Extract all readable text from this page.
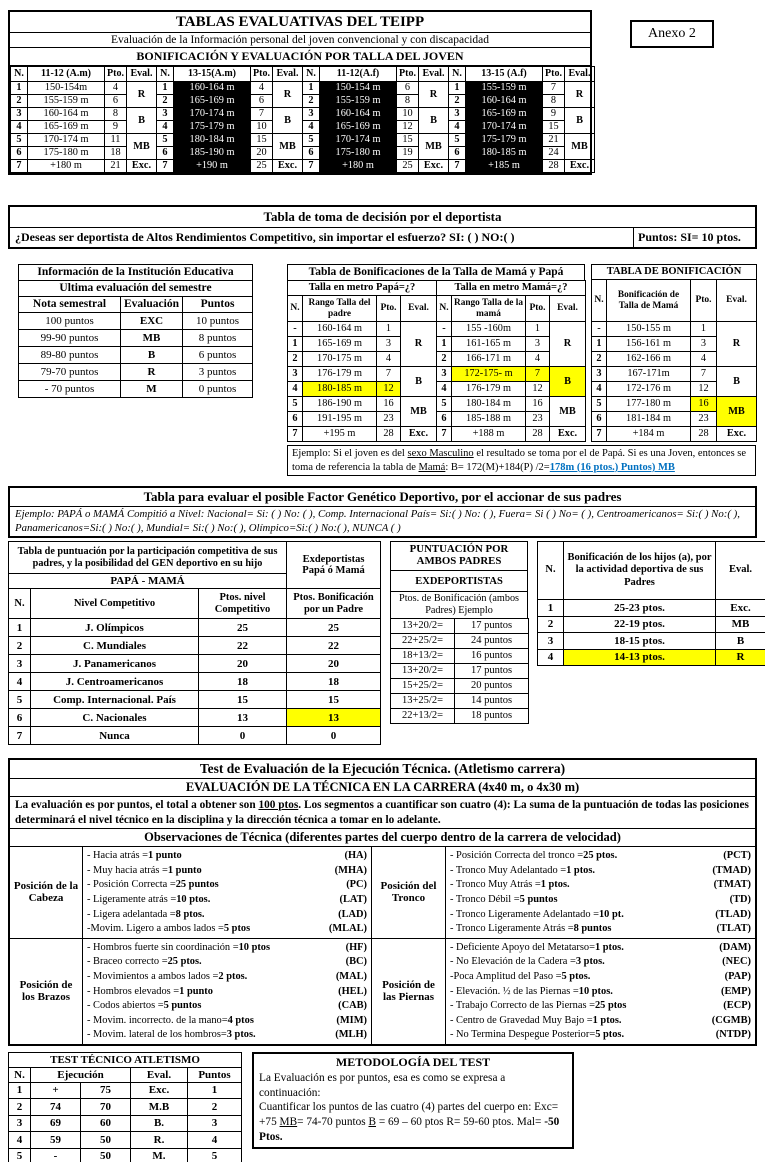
TABLAS EVALUATIVAS DEL TEIPP
Evaluación de la Información personal del joven convencional y con discapacidad
BONIFICACIÓN Y EVALUACIÓN POR TALLA DEL JOVEN
N.	11-12 (A.m)	Pto.	Eval.
1	150-154m	4	R
2	155-159 m	6	
3	160-164 m	8	B
4	165-169 m	9	
5	170-174 m	11	MB
6	175-180 m	18	
7	+180 m	21	Exc.
N.	13-15(A.m)	Pto.	Eval.
1	160-164 m	4	R
2	165-169 m	6	
3	170-174 m	7	B
4	175-179 m	10	
5	180-184 m	15	MB
6	185-190 m	20	
7	+190 m	25	Exc.
N.	11-12(A.f)	Pto.	Eval.
1	150-154 m	6	R
2	155-159 m	8	
3	160-164 m	10	B
4	165-169 m	12	
5	170-174 m	15	MB
6	175-180 m	19	
7	+180 m	25	Exc.
N.	13-15 (A.f)	Pto.	Eval.
1	155-159 m	7	R
2	160-164 m	8	
3	165-169 m	9	B
4	170-174 m	15	
5	175-179 m	21	MB
6	180-185 m	24	
7	+185 m	28	Exc.
Anexo 2
Tabla de toma de decisión por el deportista
¿Deseas ser deportista de Altos Rendimientos Competitivo, sin importar el esfuerzo? SI: ( ) NO:( )	Puntos: SI= 10 ptos.
Información de la Institución Educativa		
Ultima evaluación del semestre		
Nota semestral	Evaluación	Puntos
100 puntos	EXC	10 puntos
99-90 puntos	MB	8 puntos
89-80 puntos	B	6 puntos
79-70 puntos	R	3 puntos
- 70 puntos	M	0 puntos
Tabla de Bonificaciones de la Talla de Mamá y Papá
Talla en metro Papá=¿?			
N.	Rango Talla del padre	Pto.	Eval.
-	160-164 m	1	R
1	165-169 m	3	
2	170-175 m	4	
3	176-179 m	7	B
4	180-185 m	12	
5	186-190 m	16	MB
6	191-195 m	23	
7	+195 m	28	Exc.
Talla en metro Mamá=¿?			
N.	Rango Talla de la mamá	Pto.	Eval.
-	155 -160m	1	R
1	161-165 m	3	
2	166-171 m	4	
3	172-175- m	7	B
4	176-179 m	12	
5	180-184 m	16	MB
6	185-188 m	23	
7	+188 m	28	Exc.
TABLA DE BONIFICACIÓN			
N.	Bonificación de Talla de Mamá	Pto.	Eval.
-	150-155 m	1	R
1	156-161 m	3	
2	162-166 m	4	
3	167-171m	7	B
4	172-176 m	12	
5	177-180 m	16	MB
6	181-184 m	23	
7	+184 m	28	Exc.
Ejemplo: Si el joven es del sexo Masculino el resultado se toma por el de Papá. Si es una Joven, entonces se toma de referencia la tabla de Mamá: B= 172(M)+184(P) /2=178m (16 ptos.) Puntos) MB
Tabla para evaluar el posible Factor Genético Deportivo, por el accionar de sus padres
Ejemplo: PAPÁ o MAMÁ Compitió a Nivel: Nacional= Si: ( ) No: ( ), Comp. Internacional País= Si:( ) No: ( ), Fuera= Si ( ) No= ( ), Centroamericanos= Si:( ) No:( ), Panamericanos=Si:( ) No:( ), Mundial= Si:( ) No:( ), Olímpico=Si:( ) No:( ), NUNCA ( )
Tabla de puntuación por la participación competitiva de sus padres, y la posibilidad del GEN deportivo en su hijo			Exdeportistas
Papá ó Mamá

PAPÁ - MAMÁ			
N.	Nivel Competitivo	Ptos. nivel Competitivo	Ptos. Bonificación por un Padre
1	J. Olímpicos	25	25
2	C. Mundiales	22	22
3	J. Panamericanos	20	20
4	J. Centroamericanos	18	18
5	Comp. Internacional. País	15	15
6	C. Nacionales	13	13
7	Nunca	0	0
PUNTUACIÓN POR AMBOS PADRES
EXDEPORTISTAS
Ptos. de Bonificación (ambos Padres) Ejemplo
13+20/2=	17 puntos
22+25/2=	24 puntos
18+13/2=	16 puntos
13+20/2=	17 puntos
15+25/2=	20 puntos
13+25/2=	14 puntos
22+13/2=	18 puntos
N.	Bonificación de los hijos (a), por la actividad deportiva de sus Padres	Eval.
1	25-23 ptos.	Exc.
2	22-19 ptos.	MB
3	18-15 ptos.	B
4	14-13 ptos.	R
Test de Evaluación de la Ejecución Técnica. (Atletismo carrera)
EVALUACIÓN DE LA TÉCNICA EN LA CARRERA (4x40 m, o 4x30 m)
La evaluación es por puntos, el total a obtener son 100 ptos. Los segmentos a cuantificar son cuatro (4): La suma de la puntuación de todas las posiciones determinará el nivel técnico en la disciplina y la dirección técnica a tomar en lo adelante.
Observaciones de Técnica (diferentes partes del cuerpo dentro de la carrera de velocidad)
Posición de la Cabeza
- Hacia atrás = 1 punto	(HA)
- Muy hacia atrás = 1 punto	(MHA)
- Posición Correcta = 25 puntos	(PC)
- Ligeramente atrás = 10 ptos.	(LAT)
- Ligera adelantada = 8 ptos.	(LAD)
-Movim. Ligero a ambos lados = 5 ptos	(MLAL)
Posición del Tronco
- Posición Correcta del tronco = 25 ptos.	(PCT)
- Tronco Muy Adelantado = 1 ptos.	(TMAD)
- Tronco Muy Atrás = 1 ptos.	(TMAT)
- Tronco Débil = 5 puntos	(TD)
- Tronco Ligeramente Adelantado = 10 pt.	(TLAD)
- Tronco Ligeramente Atrás = 8 puntos	(TLAT)
Posición de los Brazos
- Hombros fuerte sin coordinación = 10 ptos	(HF)
- Braceo correcto = 25 ptos.	(BC)
- Movimientos a ambos lados = 2 ptos.	(MAL)
- Hombros elevados = 1 punto	(HEL)
- Codos abiertos = 5 puntos	(CAB)
- Movim. incorrecto. de la mano= 4 ptos	(MIM)
- Movim. lateral de los hombros= 3 ptos.	(MLH)
Posición de las Piernas
- Deficiente Apoyo del Metatarso= 1 ptos.	(DAM)
- No Elevación de la Cadera = 3 ptos.	(NEC)
-Poca Amplitud del Paso = 5 ptos.	(PAP)
- Elevación. ½ de las Piernas = 10 ptos.	(EMP)
- Trabajo Correcto de las Piernas = 25 ptos	(ECP)
- Centro de Gravedad Muy Bajo = 1 ptos.	(CGMB)
- No Termina Despegue Posterior= 5 ptos.	(NTDP)
TEST TÉCNICO ATLETISMO				
N.	Ejecución		Eval.	Puntos
1	+	75	Exc.	1
2	74	70	M.B	2
3	69	60	B.	3
4	59	50	R.	4
5	-	50	M.	5
METODOLOGÍA DEL TEST
La Evaluación es por puntos, esa es como se expresa a continuación:
Cuantificar los puntos de las cuatro (4) partes del cuerpo en: Exc= +75 MB= 74-70 puntos B = 69 – 60 ptos R= 59-60 ptos. Mal= -50 Ptos.
